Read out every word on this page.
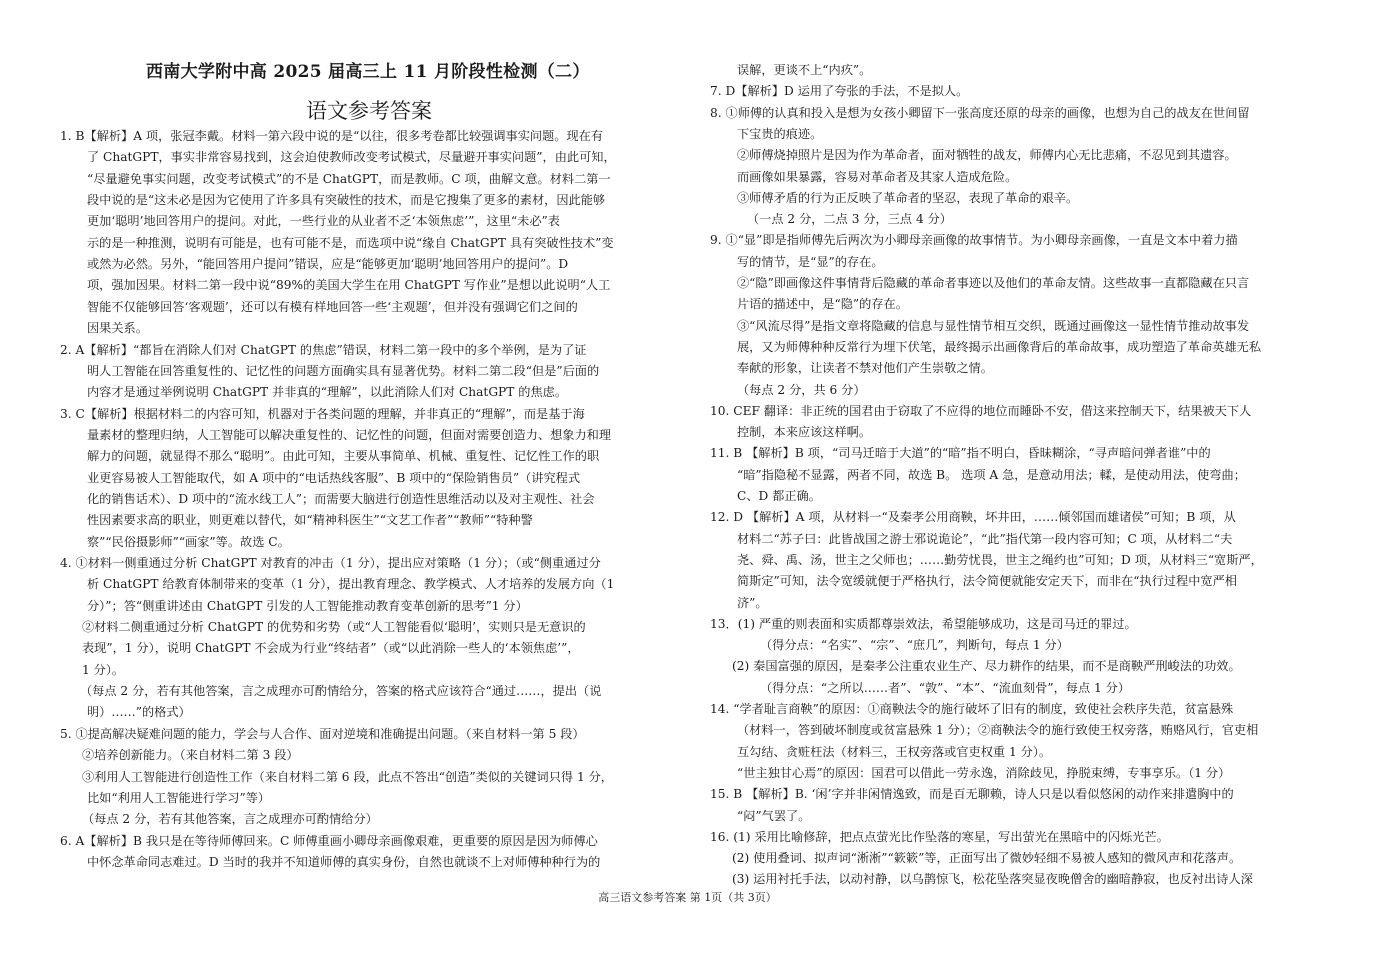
西南大学附中高 2025 届高三上 11 月阶段性检测（二）
语文参考答案
1. B【解析】A 项，张冠李戴。材料一第六段中说的是“以往，很多考卷都比较强调事实问题。现在有
了 ChatGPT，事实非常容易找到，这会迫使教师改变考试模式，尽量避开事实问题”，由此可知，
“尽量避免事实问题，改变考试模式”的不是 ChatGPT，而是教师。C 项，曲解文意。材料二第一
段中说的是“这未必是因为它使用了许多具有突破性的技术，而是它搜集了更多的素材，因此能够
更加‘聪明’地回答用户的提问。对此，一些行业的从业者不乏‘本领焦虑’”，这里“未必”表
示的是一种推测，说明有可能是，也有可能不是，而选项中说“缘自 ChatGPT 具有突破性技术”变
或然为必然。另外，“能回答用户提问”错误，应是“能够更加‘聪明’地回答用户的提问”。D
项，强加因果。材料二第一段中说“89%的美国大学生在用 ChatGPT 写作业”是想以此说明“人工
智能不仅能够回答‘客观题’，还可以有模有样地回答一些‘主观题’，但并没有强调它们之间的
因果关系。
2. A【解析】“都旨在消除人们对 ChatGPT 的焦虑”错误，材料二第一段中的多个举例，是为了证
明人工智能在回答重复性的、记忆性的问题方面确实具有显著优势。材料二第二段“但是”后面的
内容才是通过举例说明 ChatGPT 并非真的“理解”，以此消除人们对 ChatGPT 的焦虑。
3. C【解析】根据材料二的内容可知，机器对于各类问题的理解，并非真正的“理解”，而是基于海
量素材的整理归纳，人工智能可以解决重复性的、记忆性的问题，但面对需要创造力、想象力和理
解力的问题，就显得不那么“聪明”。由此可知，主要从事简单、机械、重复性、记忆性工作的职
业更容易被人工智能取代，如 A 项中的“电话热线客服”、B 项中的“保险销售员”（讲究程式
化的销售话术）、D 项中的“流水线工人”；而需要大脑进行创造性思维活动以及对主观性、社会
性因素要求高的职业，则更难以替代，如“精神科医生”“文艺工作者”“教师”“特种警
察”“民俗摄影师”“画家”等。故选 C。
4. ①材料一侧重通过分析 ChatGPT 对教育的冲击（1 分），提出应对策略（1 分）；（或“侧重通过分
析 ChatGPT 给教育体制带来的变革（1 分），提出教育理念、教学模式、人才培养的发展方向（1
分）”；答“侧重讲述由 ChatGPT 引发的人工智能推动教育变革创新的思考”1 分）
②材料二侧重通过分析 ChatGPT 的优势和劣势（或“人工智能看似‘聪明’，实则只是无意识的
表现”，1 分），说明 ChatGPT 不会成为行业“终结者”（或“以此消除一些人的‘本领焦虑’”，
1 分）。
（每点 2 分，若有其他答案，言之成理亦可酌情给分，答案的格式应该符合“通过……，提出（说
明）……”的格式）
5. ①提高解决疑难问题的能力，学会与人合作、面对逆境和准确提出问题。（来自材料一第 5 段）
②培养创新能力。（来自材料二第 3 段）
③利用人工智能进行创造性工作（来自材料二第 6 段，此点不答出“创造”类似的关键词只得 1 分，
比如“利用人工智能进行学习”等）
（每点 2 分，若有其他答案，言之成理亦可酌情给分）
6. A【解析】B 我只是在等待师傅回来。C 师傅重画小卿母亲画像艰难，更重要的原因是因为师傅心
中怀念革命同志难过。D 当时的我并不知道师傅的真实身份，自然也就谈不上对师傅种种行为的
误解，更谈不上“内疚”。
7. D【解析】D 运用了夸张的手法，不是拟人。
8. ①师傅的认真和投入是想为女孩小卿留下一张高度还原的母亲的画像，也想为自己的战友在世间留
下宝贵的痕迹。
②师傅烧掉照片是因为作为革命者，面对牺牲的战友，师傅内心无比悲痛，不忍见到其遗容。
而画像如果暴露，容易对革命者及其家人造成危险。
③师傅矛盾的行为正反映了革命者的坚忍，表现了革命的艰辛。
（一点 2 分，二点 3 分，三点 4 分）
9. ①“显”即是指师傅先后两次为小卿母亲画像的故事情节。为小卿母亲画像，一直是文本中着力描
写的情节，是“显”的存在。
②“隐”即画像这件事情背后隐藏的革命者事迹以及他们的革命友情。这些故事一直都隐藏在只言
片语的描述中，是“隐”的存在。
③“风流尽得”是指文章将隐藏的信息与显性情节相互交织，既通过画像这一显性情节推动故事发
展，又为师傅种种反常行为埋下伏笔，最终揭示出画像背后的革命故事，成功塑造了革命英雄无私
奉献的形象，让读者不禁对他们产生崇敬之情。
（每点 2 分，共 6 分）
10. CEF 翻译：非正统的国君由于窃取了不应得的地位而睡卧不安，借这来控制天下，结果被天下人
控制，本来应该这样啊。
11. B 【解析】B 项，“司马迁暗于大道”的“暗”指不明白，昏昧糊涂，“寻声暗问弹者谁”中的
“暗”指隐秘不显露，两者不同，故选 B。 选项 A 急，是意动用法；輮，是使动用法，使弯曲；
C、D 都正确。
12. D 【解析】A 项，从材料一“及秦孝公用商鞅，坏井田，……倾邻国而雄诸侯”可知；B 项，从
材料二“苏子曰：此皆战国之游士邪说诡论”，“此”指代第一段内容可知；C 项，从材料二“夫
尧、舜、禹、汤，世主之父师也；……勤劳忧畏，世主之绳约也”可知；D 项，从材料三“宽斯严，
简斯定”可知，法令宽缓就便于严格执行，法令简便就能安定天下，而非在“执行过程中宽严相
济”。
13．(1) 严重的则表面和实质都尊崇效法，希望能够成功，这是司马迁的罪过。
（得分点：“名实”、“宗”、“庶几”，判断句，每点 1 分）
(2) 秦国富强的原因，是秦孝公注重农业生产、尽力耕作的结果，而不是商鞅严刑峻法的功效。
（得分点：“之所以……者”、“敦”、“本”、“流血刻骨”，每点 1 分）
14. “学者耻言商鞅”的原因：①商鞅法令的施行破坏了旧有的制度，致使社会秩序失范，贫富悬殊
（材料一，答到破坏制度或贫富悬殊 1 分）；②商鞅法令的施行致使王权旁落，贿赂风行，官吏相
互勾结、贪赃枉法（材料三，王权旁落或官吏权重 1 分）。
“世主独甘心焉”的原因：国君可以借此一劳永逸，消除歧见，挣脱束缚，专事享乐。（1 分）
15. B 【解析】B. ‘闲’字并非闲情逸致，而是百无聊赖，诗人只是以看似悠闲的动作来排遣胸中的
“闷”气罢了。
16. (1) 采用比喻修辞，把点点萤光比作坠落的寒星，写出萤光在黑暗中的闪烁光芒。
(2) 使用叠词、拟声词“淅淅”“簌簌”等，正面写出了微妙轻细不易被人感知的微风声和花落声。
(3) 运用衬托手法，以动衬静，以乌鹊惊飞，松花坠落突显夜晚僧舍的幽暗静寂，也反衬出诗人深
高三语文参考答案 第 1页（共 3页）
